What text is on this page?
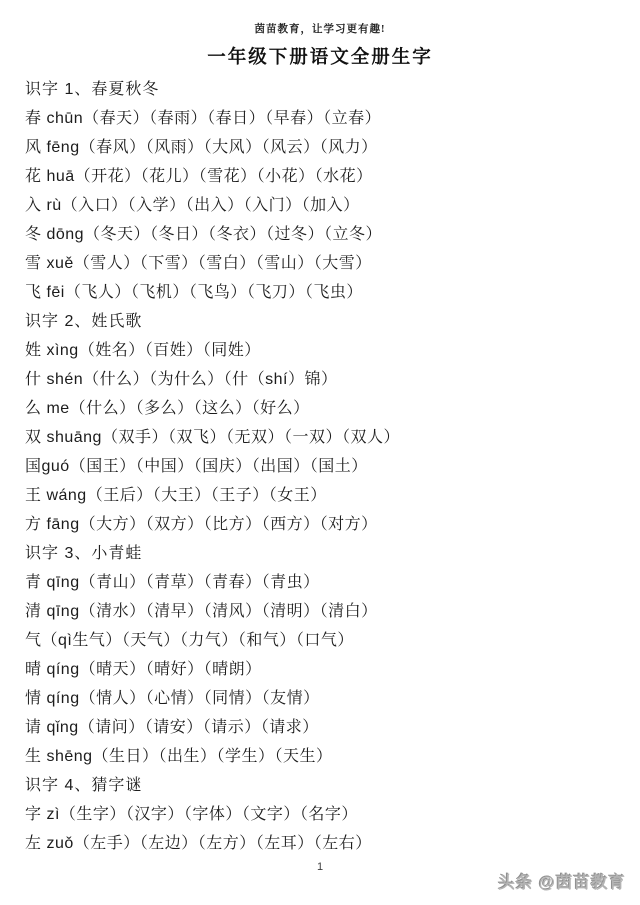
茵苗教育，让学习更有趣!
一年级下册语文全册生字
识字 1、春夏秋冬
春 chūn（春天）（春雨）（春日）（早春）（立春）
风 fēng（春风）（风雨）（大风）（风云）（风力）
花 huā（开花）（花儿）（雪花）（小花）（水花）
入 rù（入口）（入学）（出入）（入门）（加入）
冬 dōng（冬天）（冬日）（冬衣）（过冬）（立冬）
雪 xuě（雪人）（下雪）（雪白）（雪山）（大雪）
飞 fēi（飞人）（飞机）（飞鸟）（飞刀）（飞虫）
识字 2、姓氏歌
姓 xìng（姓名）（百姓）（同姓）
什 shén（什么）（为什么）（什（shí）锦）
么 me（什么）（多么）（这么）（好么）
双 shuāng（双手）（双飞）（无双）（一双）（双人）
国guó（国王）（中国）（国庆）（出国）（国土）
王 wáng（王后）（大王）（王子）（女王）
方 fāng（大方）（双方）（比方）（西方）（对方）
识字 3、小青蛙
青 qīng（青山）（青草）（青春）（青虫）
清 qīng（清水）（清早）（清风）（清明）（清白）
气（qì生气）（天气）（力气）（和气）（口气）
晴 qíng（晴天）（晴好）（晴朗）
情 qíng（情人）（心情）（同情）（友情）
请 qǐng（请问）（请安）（请示）（请求）
生 shēng（生日）（出生）（学生）（天生）
识字 4、猜字谜
字 zì（生字）（汉字）（字体）（文字）（名字）
左 zuǒ（左手）（左边）（左方）（左耳）（左右）
1
头条 @茵苗教育
